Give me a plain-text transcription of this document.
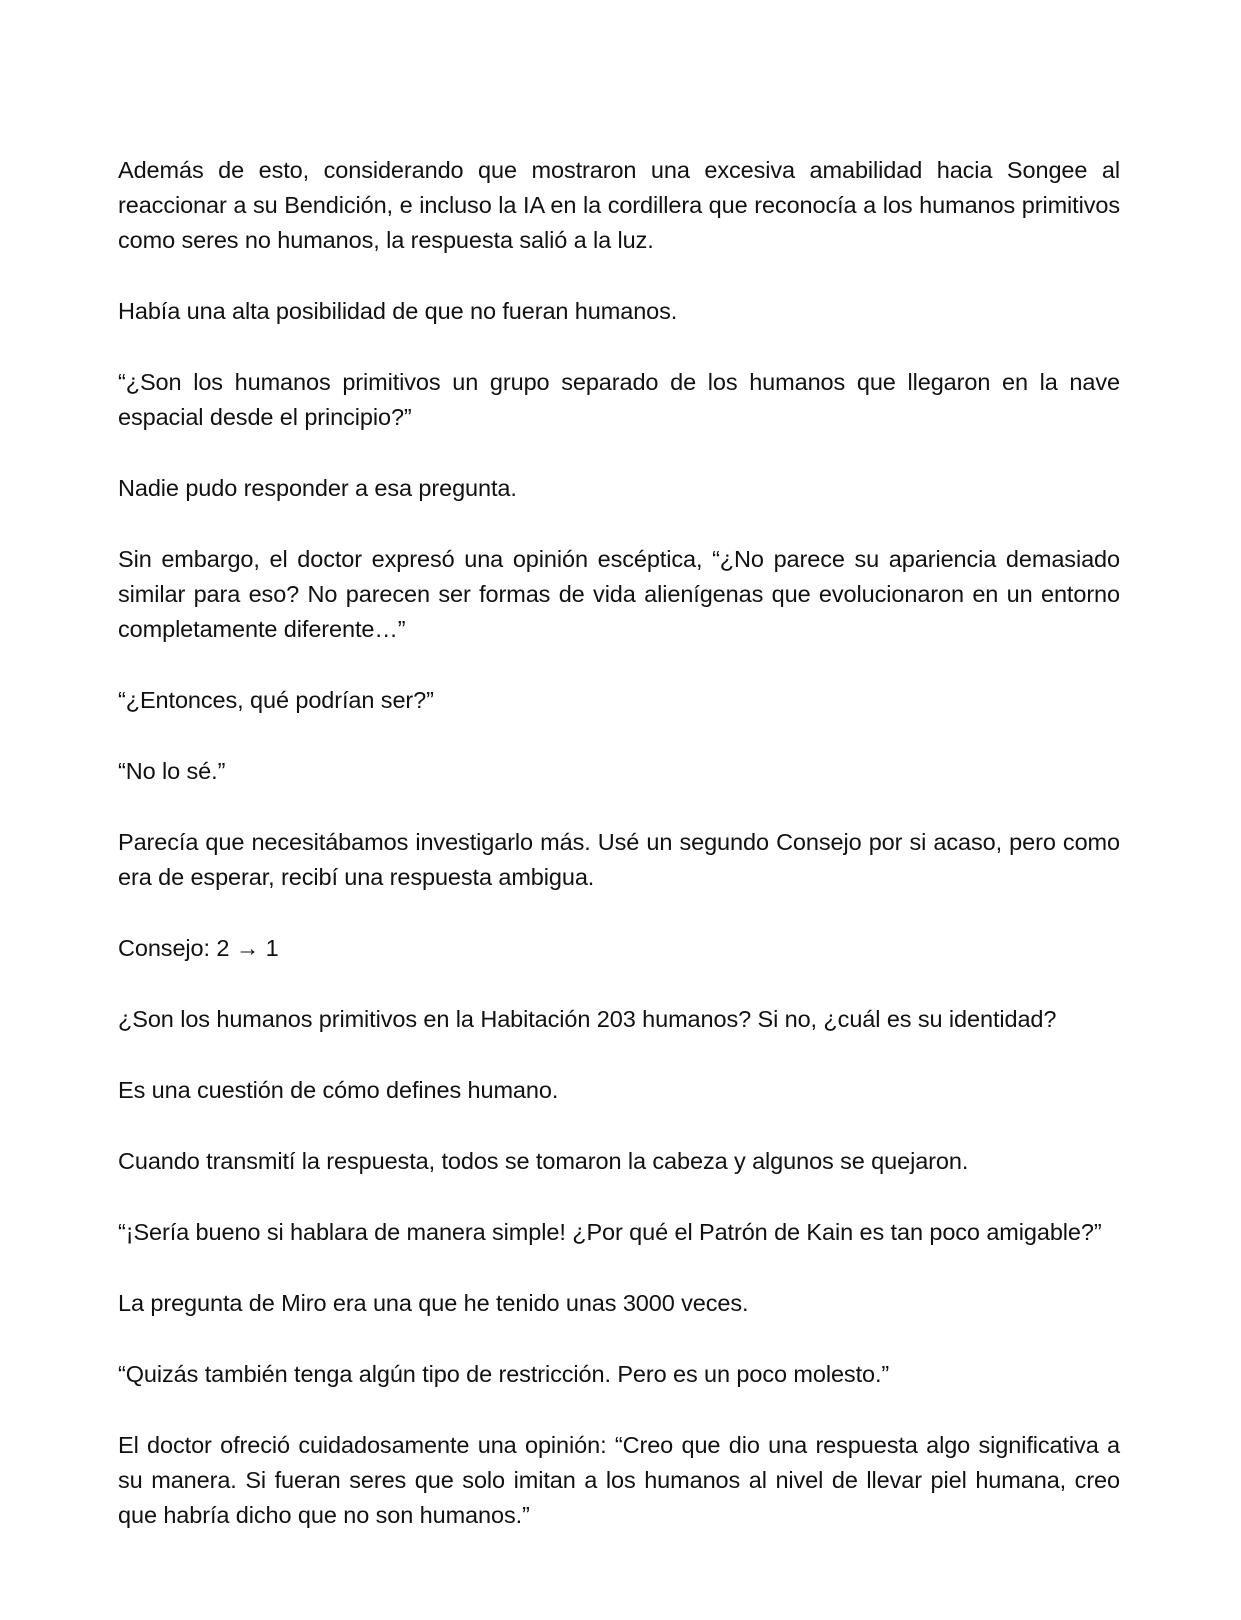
Además de esto, considerando que mostraron una excesiva amabilidad hacia Songee al reaccionar a su Bendición, e incluso la IA en la cordillera que reconocía a los humanos primitivos como seres no humanos, la respuesta salió a la luz.

Había una alta posibilidad de que no fueran humanos.

“¿Son los humanos primitivos un grupo separado de los humanos que llegaron en la nave espacial desde el principio?”

Nadie pudo responder a esa pregunta.

Sin embargo, el doctor expresó una opinión escéptica, “¿No parece su apariencia demasiado similar para eso? No parecen ser formas de vida alienígenas que evolucionaron en un entorno completamente diferente…”

“¿Entonces, qué podrían ser?”

“No lo sé.”

Parecía que necesitábamos investigarlo más. Usé un segundo Consejo por si acaso, pero como era de esperar, recibí una respuesta ambigua.

Consejo: 2 → 1

¿Son los humanos primitivos en la Habitación 203 humanos? Si no, ¿cuál es su identidad?

Es una cuestión de cómo defines humano.

Cuando transmití la respuesta, todos se tomaron la cabeza y algunos se quejaron.

“¡Sería bueno si hablara de manera simple! ¿Por qué el Patrón de Kain es tan poco amigable?”

La pregunta de Miro era una que he tenido unas 3000 veces.

“Quizás también tenga algún tipo de restricción. Pero es un poco molesto.”

El doctor ofreció cuidadosamente una opinión: “Creo que dio una respuesta algo significativa a su manera. Si fueran seres que solo imitan a los humanos al nivel de llevar piel humana, creo que habría dicho que no son humanos.”
